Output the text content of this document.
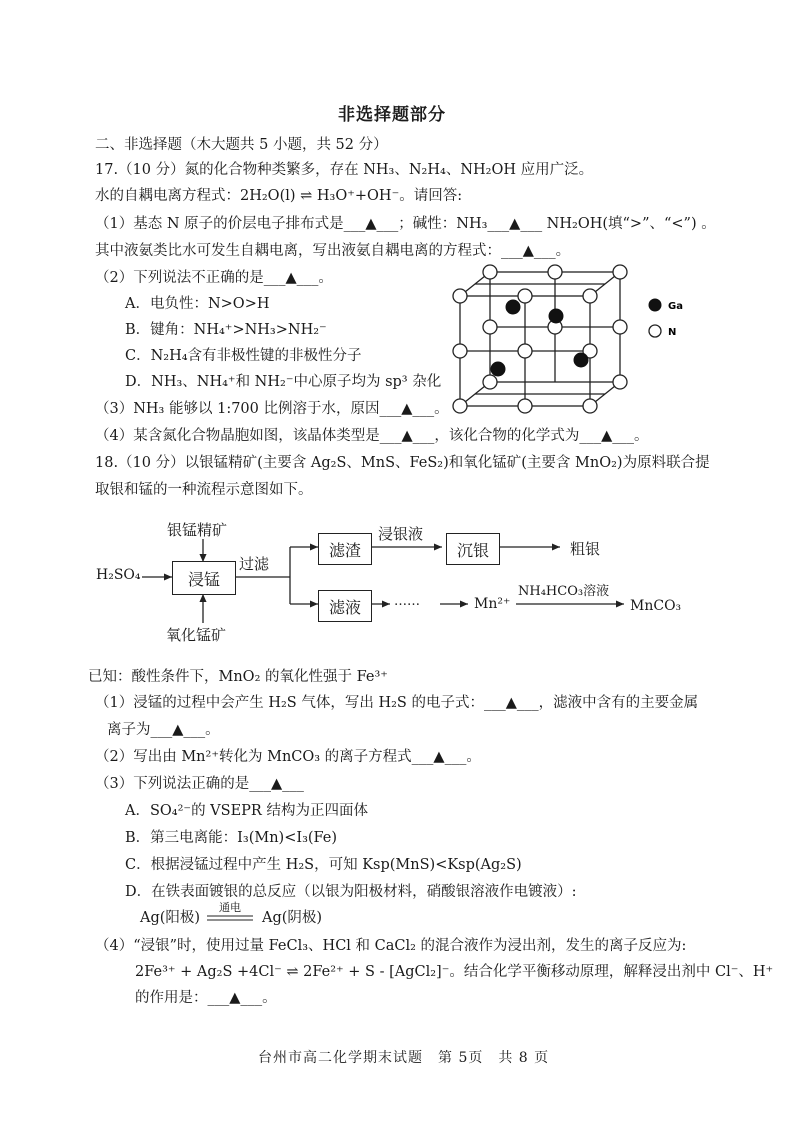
非选择题部分
二、非选择题（木大题共 5 小题，共 52 分）
17.（10 分）氮的化合物种类繁多，存在 NH₃、N₂H₄、NH₂OH 应用广泛。
水的自耦电离方程式：2H₂O(l) ⇌ H₃O⁺+OH⁻。请回答:
（1）基态 N 原子的价层电子排布式是___▲___；碱性：NH₃___▲___ NH₂OH(填“>”、“<”) 。
其中液氨类比水可发生自耦电离，写出液氨自耦电离的方程式：___▲___。
（2）下列说法不正确的是___▲___。
A．电负性：N>O>H
B．键角：NH₄⁺>NH₃>NH₂⁻
C．N₂H₄含有非极性键的非极性分子
D．NH₃、NH₄⁺和 NH₂⁻中心原子均为 sp³ 杂化
（3）NH₃ 能够以 1:700 比例溶于水，原因___▲___。
（4）某含氮化合物晶胞如图，该晶体类型是___▲___，该化合物的化学式为___▲___。
Ga
N
18.（10 分）以银锰精矿(主要含 Ag₂S、MnS、FeS₂)和氧化锰矿(主要含 MnO₂)为原料联合提
取银和锰的一种流程示意图如下。
银锰精矿
H₂SO₄	浸锰
氧化锰矿
过滤
滤渣
浸银液
沉银	粗银
滤液	……	Mn²⁺
NH₄HCO₃溶液
MnCO₃
已知：酸性条件下，MnO₂ 的氧化性强于 Fe³⁺
（1）浸锰的过程中会产生 H₂S 气体，写出 H₂S 的电子式：___▲___，滤液中含有的主要金属
离子为___▲___。
（2）写出由 Mn²⁺转化为 MnCO₃ 的离子方程式___▲___。
（3）下列说法正确的是___▲___
A．SO₄²⁻的 VSEPR 结构为正四面体
B．第三电离能：I₃(Mn)<I₃(Fe)
C．根据浸锰过程中产生 H₂S，可知 Ksp(MnS)<Ksp(Ag₂S)
D．在铁表面镀银的总反应（以银为阳极材料，硝酸银溶液作电镀液）:
Ag(阳极)
通电
Ag(阴极)
（4）“浸银”时，使用过量 FeCl₃、HCl 和 CaCl₂ 的混合液作为浸出剂，发生的离子反应为:
2Fe³⁺ + Ag₂S +4Cl⁻ ⇌ 2Fe²⁺ + S - [AgCl₂]⁻。结合化学平衡移动原理，解释浸出剂中 Cl⁻、H⁺
的作用是：___▲___。
台州市高二化学期末试题　第 5页　共 8 页
